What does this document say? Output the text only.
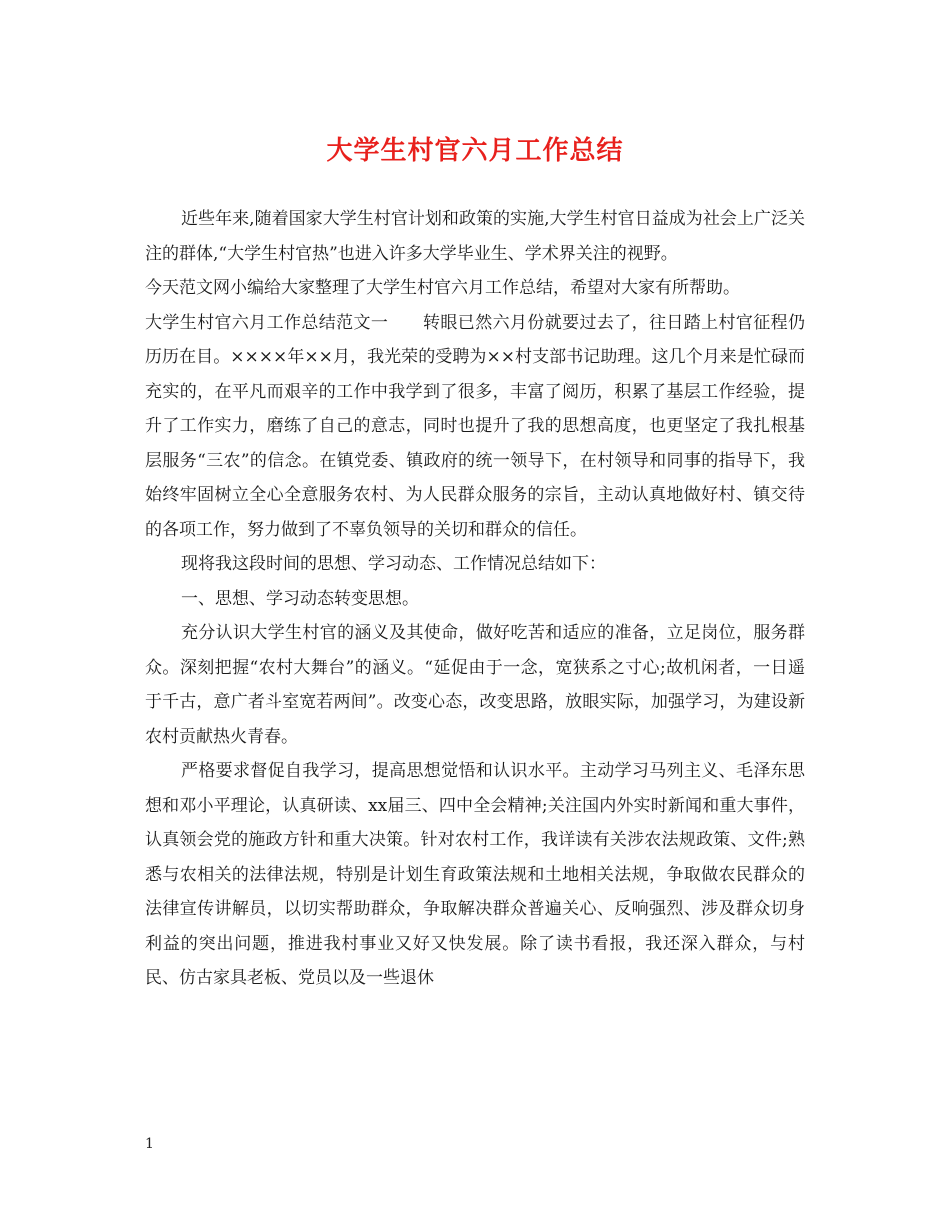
大学生村官六月工作总结

近些年来,随着国家大学生村官计划和政策的实施,大学生村官日益成为社会上广泛关注的群体,“大学生村官热”也进入许多大学毕业生、学术界关注的视野。

今天范文网小编给大家整理了大学生村官六月工作总结，希望对大家有所帮助。

大学生村官六月工作总结范文一　　转眼已然六月份就要过去了，往日踏上村官征程仍历历在目。××××年××月，我光荣的受聘为××村支部书记助理。这几个月来是忙碌而充实的，在平凡而艰辛的工作中我学到了很多，丰富了阅历，积累了基层工作经验，提升了工作实力，磨练了自己的意志，同时也提升了我的思想高度，也更坚定了我扎根基层服务“三农”的信念。在镇党委、镇政府的统一领导下，在村领导和同事的指导下，我始终牢固树立全心全意服务农村、为人民群众服务的宗旨，主动认真地做好村、镇交待的各项工作，努力做到了不辜负领导的关切和群众的信任。

现将我这段时间的思想、学习动态、工作情况总结如下：

一、思想、学习动态转变思想。

充分认识大学生村官的涵义及其使命，做好吃苦和适应的准备，立足岗位，服务群众。深刻把握“农村大舞台”的涵义。“延促由于一念，宽狭系之寸心;故机闲者，一日遥于千古，意广者斗室宽若两间”。改变心态，改变思路，放眼实际，加强学习，为建设新农村贡献热火青春。

严格要求督促自我学习，提高思想觉悟和认识水平。主动学习马列主义、毛泽东思想和邓小平理论，认真研读、xx届三、四中全会精神;关注国内外实时新闻和重大事件，认真领会党的施政方针和重大决策。针对农村工作，我详读有关涉农法规政策、文件;熟悉与农相关的法律法规，特别是计划生育政策法规和土地相关法规，争取做农民群众的法律宣传讲解员，以切实帮助群众，争取解决群众普遍关心、反响强烈、涉及群众切身利益的突出问题，推进我村事业又好又快发展。除了读书看报，我还深入群众，与村民、仿古家具老板、党员以及一些退休

1
